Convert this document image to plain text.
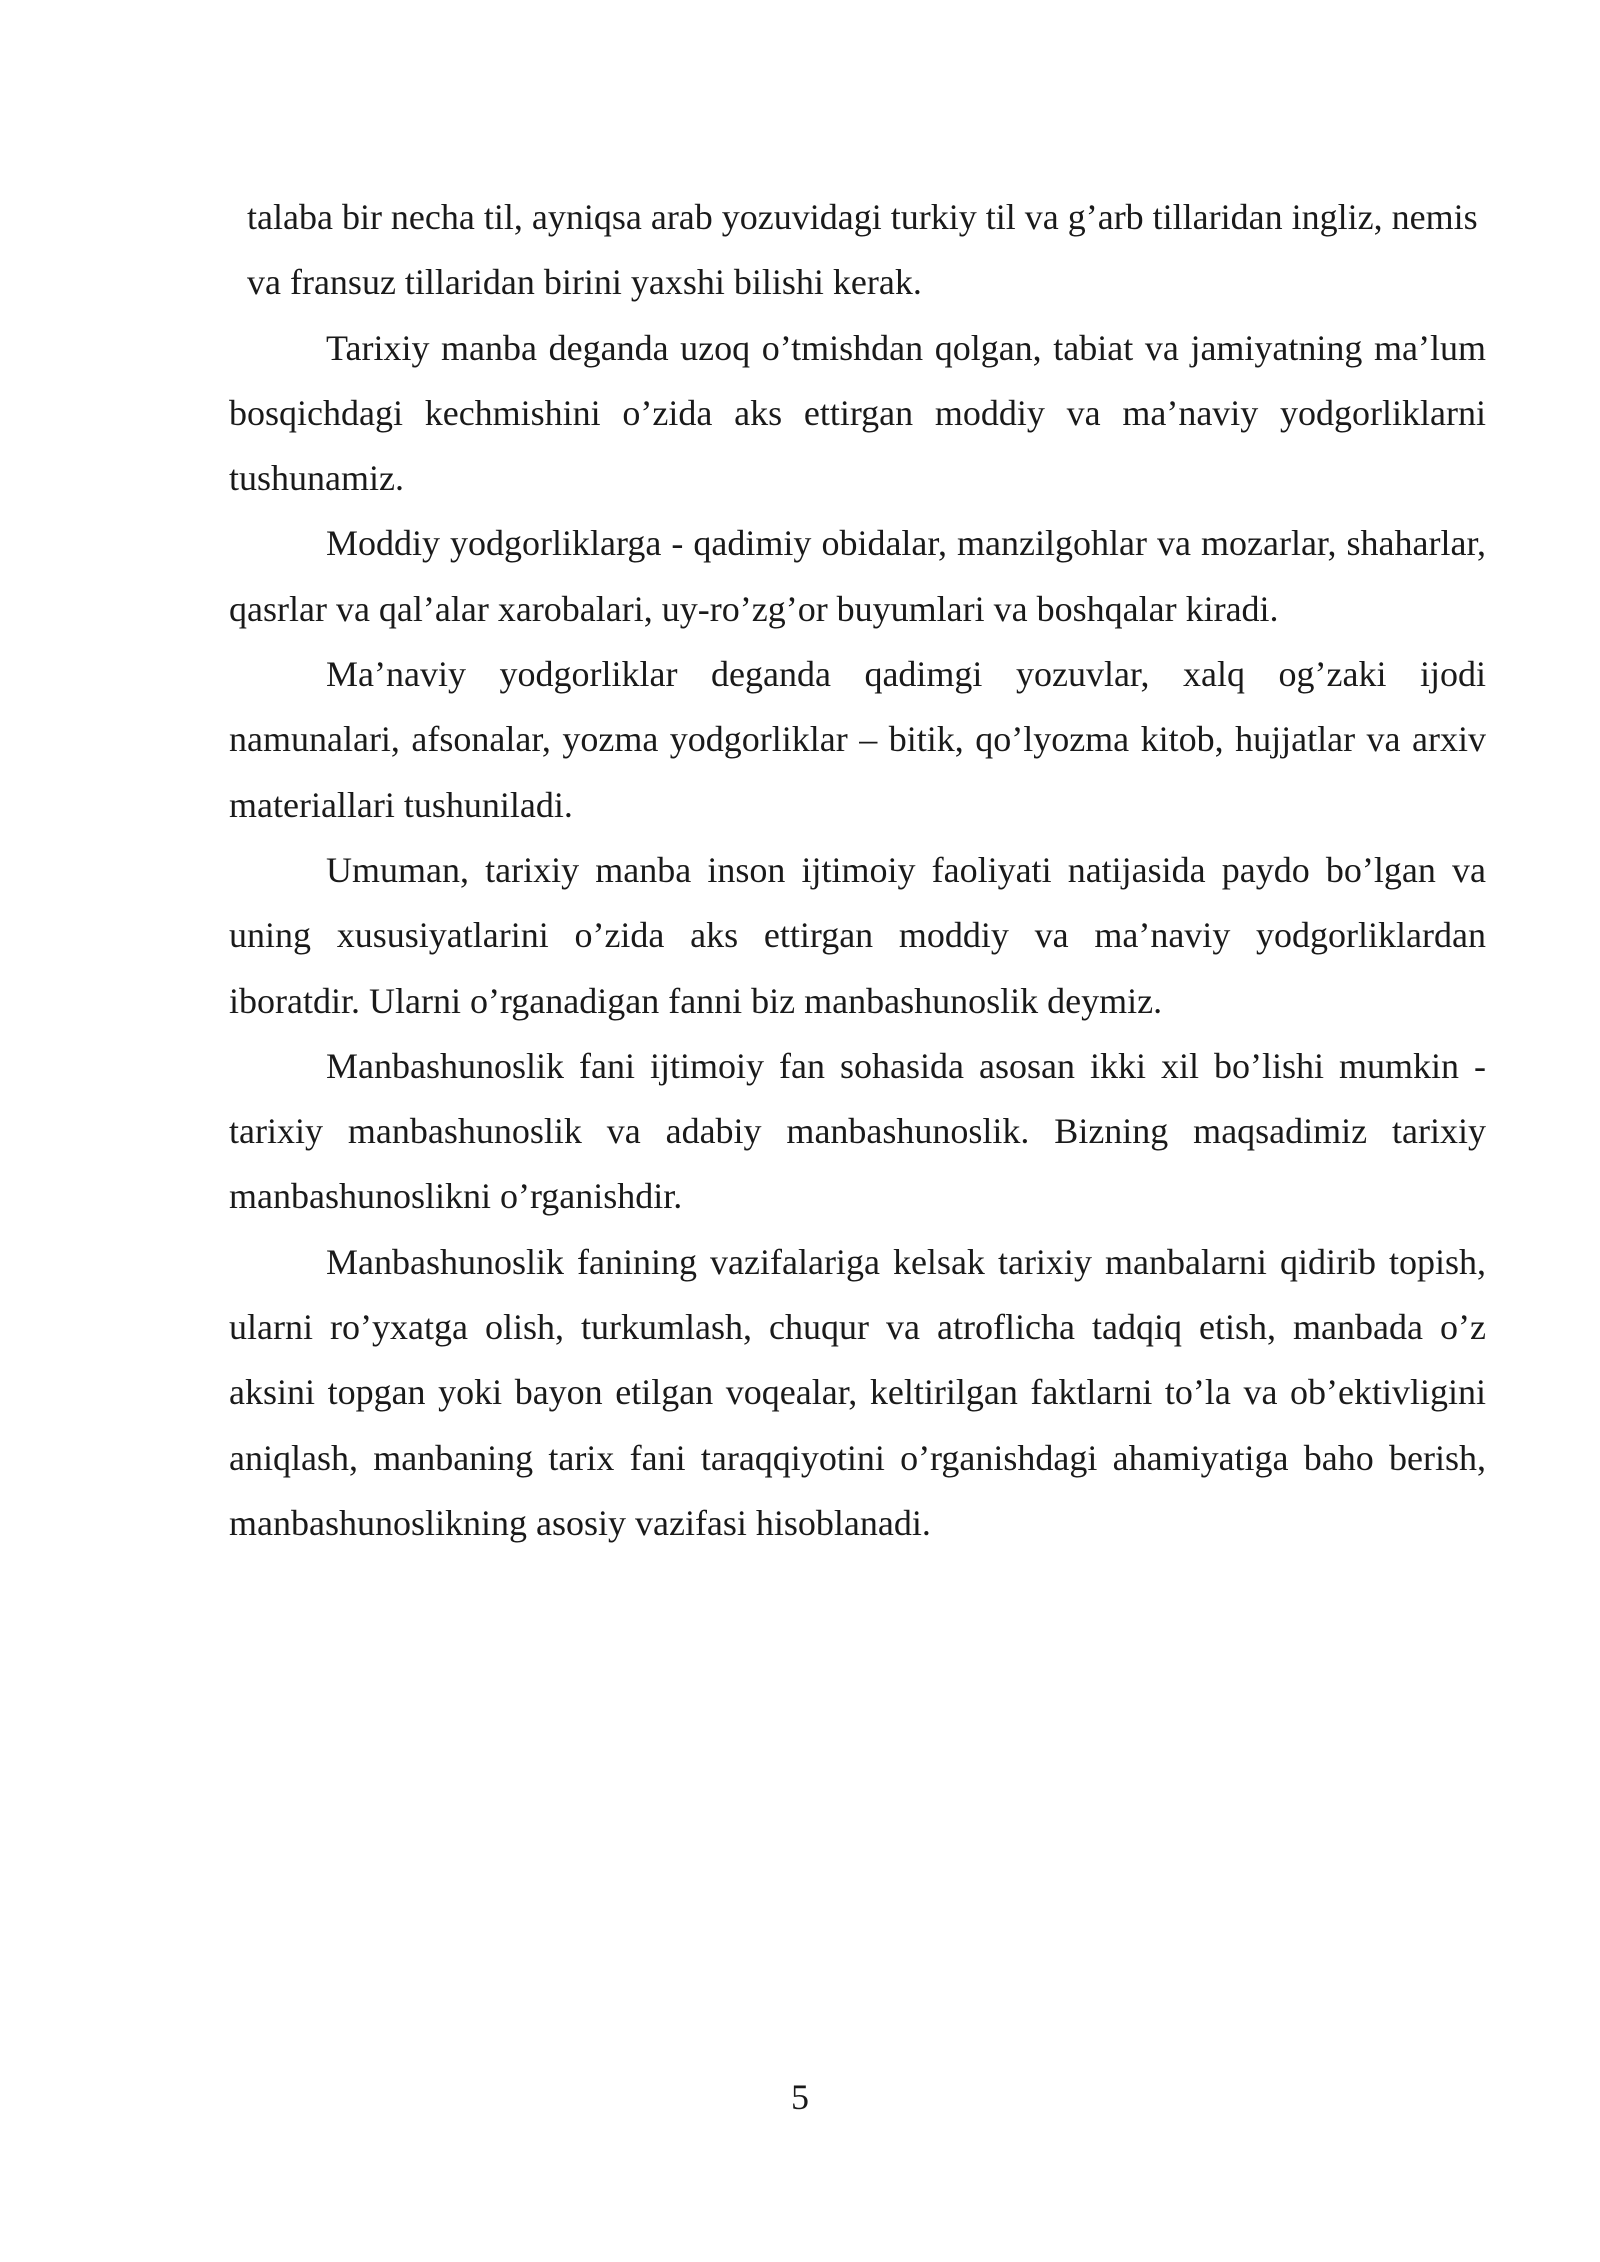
talaba bir necha til, ayniqsa arab yozuvidagi turkiy til va g’arb tillaridan ingliz, nemis va fransuz tillaridan birini yaxshi bilishi kerak.

Tarixiy manba deganda uzoq o’tmishdan qolgan, tabiat va jamiyatning ma’lum bosqichdagi kechmishini o’zida aks ettirgan moddiy va ma’naviy yodgorliklarni tushunamiz.

Moddiy yodgorliklarga - qadimiy obidalar, manzilgohlar va mozarlar, shaharlar, qasrlar va qal’alar xarobalari, uy-ro’zg’or buyumlari va boshqalar kiradi.

Ma’naviy yodgorliklar deganda qadimgi yozuvlar, xalq og’zaki ijodi namunalari, afsonalar, yozma yodgorliklar – bitik, qo’lyozma kitob, hujjatlar va arxiv materiallari tushuniladi.

Umuman, tarixiy manba inson ijtimoiy faoliyati natijasida paydo bo’lgan va uning xususiyatlarini o’zida aks ettirgan moddiy va ma’naviy yodgorliklardan iboratdir. Ularni o’rganadigan fanni biz manbashunoslik deymiz.

Manbashunoslik fani ijtimoiy fan sohasida asosan ikki xil bo’lishi mumkin - tarixiy manbashunoslik va adabiy manbashunoslik. Bizning maqsadimiz tarixiy manbashunoslikni o’rganishdir.

Manbashunoslik fanining vazifalariga kelsak tarixiy manbalarni qidirib topish, ularni ro’yxatga olish, turkumlash, chuqur va atroflicha tadqiq etish, manbada o’z aksini topgan yoki bayon etilgan voqealar, keltirilgan faktlarni to’la va ob’ektivligini aniqlash, manbaning tarix fani taraqqiyotini o’rganishdagi ahamiyatiga baho berish, manbashunoslikning asosiy vazifasi hisoblanadi.

5
